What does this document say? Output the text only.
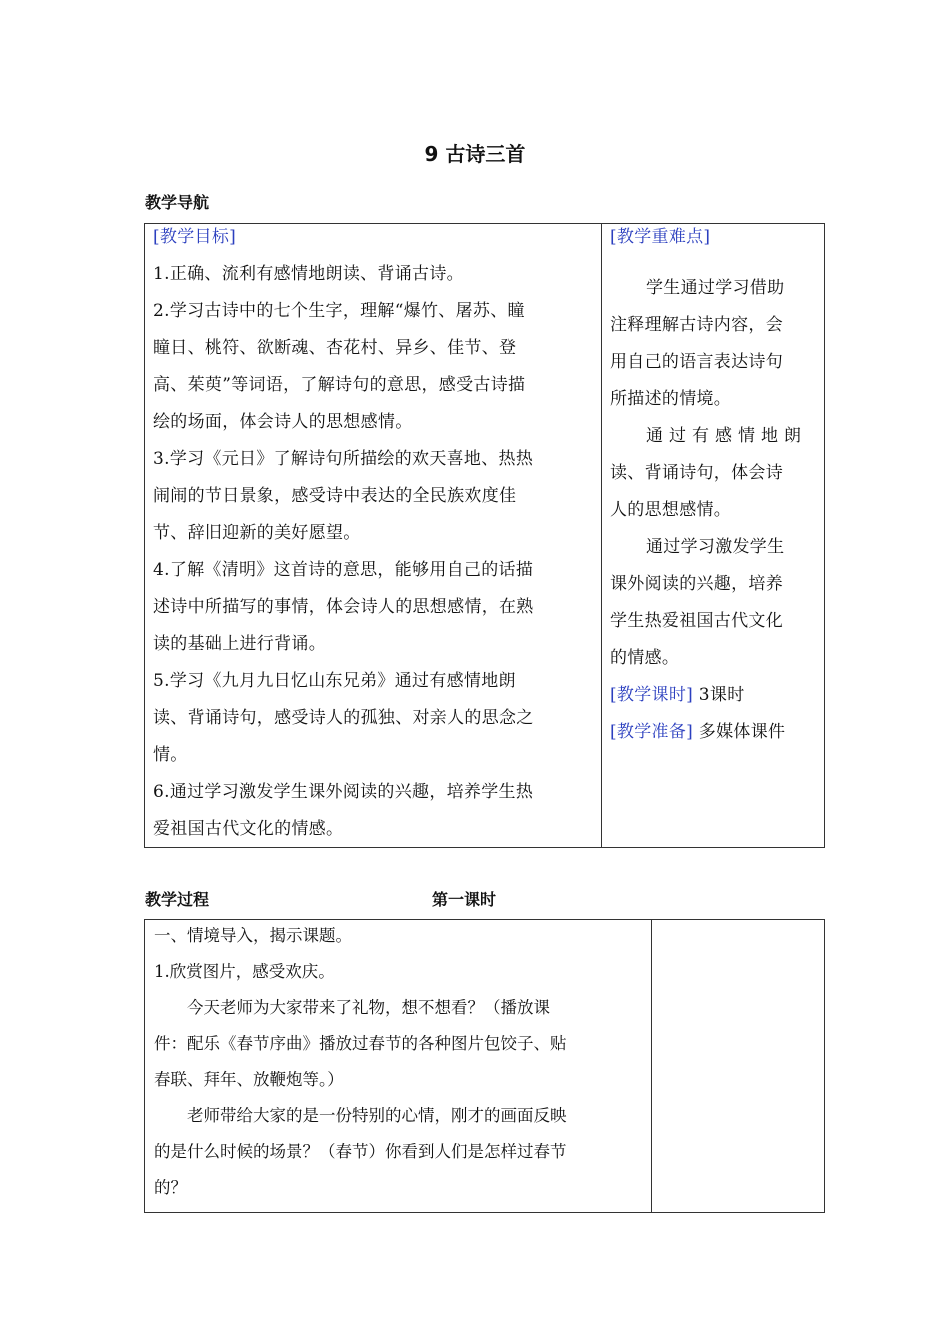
9 古诗三首
教学导航
[教学目标]
1.正确、流利有感情地朗读、背诵古诗。
2.学习古诗中的七个生字，理解“爆竹、屠苏、瞳
瞳日、桃符、欲断魂、杏花村、异乡、佳节、登
高、茱萸”等词语，了解诗句的意思，感受古诗描
绘的场面，体会诗人的思想感情。
3.学习《元日》了解诗句所描绘的欢天喜地、热热
闹闹的节日景象，感受诗中表达的全民族欢度佳
节、辞旧迎新的美好愿望。
4.了解《清明》这首诗的意思，能够用自己的话描
述诗中所描写的事情，体会诗人的思想感情，在熟
读的基础上进行背诵。
5.学习《九月九日忆山东兄弟》通过有感情地朗
读、背诵诗句，感受诗人的孤独、对亲人的思念之
情。
6.通过学习激发学生课外阅读的兴趣，培养学生热
爱祖国古代文化的情感。
[教学重难点]
学生通过学习借助
注释理解古诗内容，会
用自己的语言表达诗句
所描述的情境。
通过有感情地朗
读、背诵诗句，体会诗
人的思想感情。
通过学习激发学生
课外阅读的兴趣，培养
学生热爱祖国古代文化
的情感。
[教学课时] 3课时
[教学准备] 多媒体课件
教学过程	第一课时
一、情境导入，揭示课题。
1.欣赏图片，感受欢庆。
今天老师为大家带来了礼物，想不想看？（播放课
件：配乐《春节序曲》播放过春节的各种图片包饺子、贴
春联、拜年、放鞭炮等。）
老师带给大家的是一份特别的心情，刚才的画面反映
的是什么时候的场景？（春节）你看到人们是怎样过春节
的？
